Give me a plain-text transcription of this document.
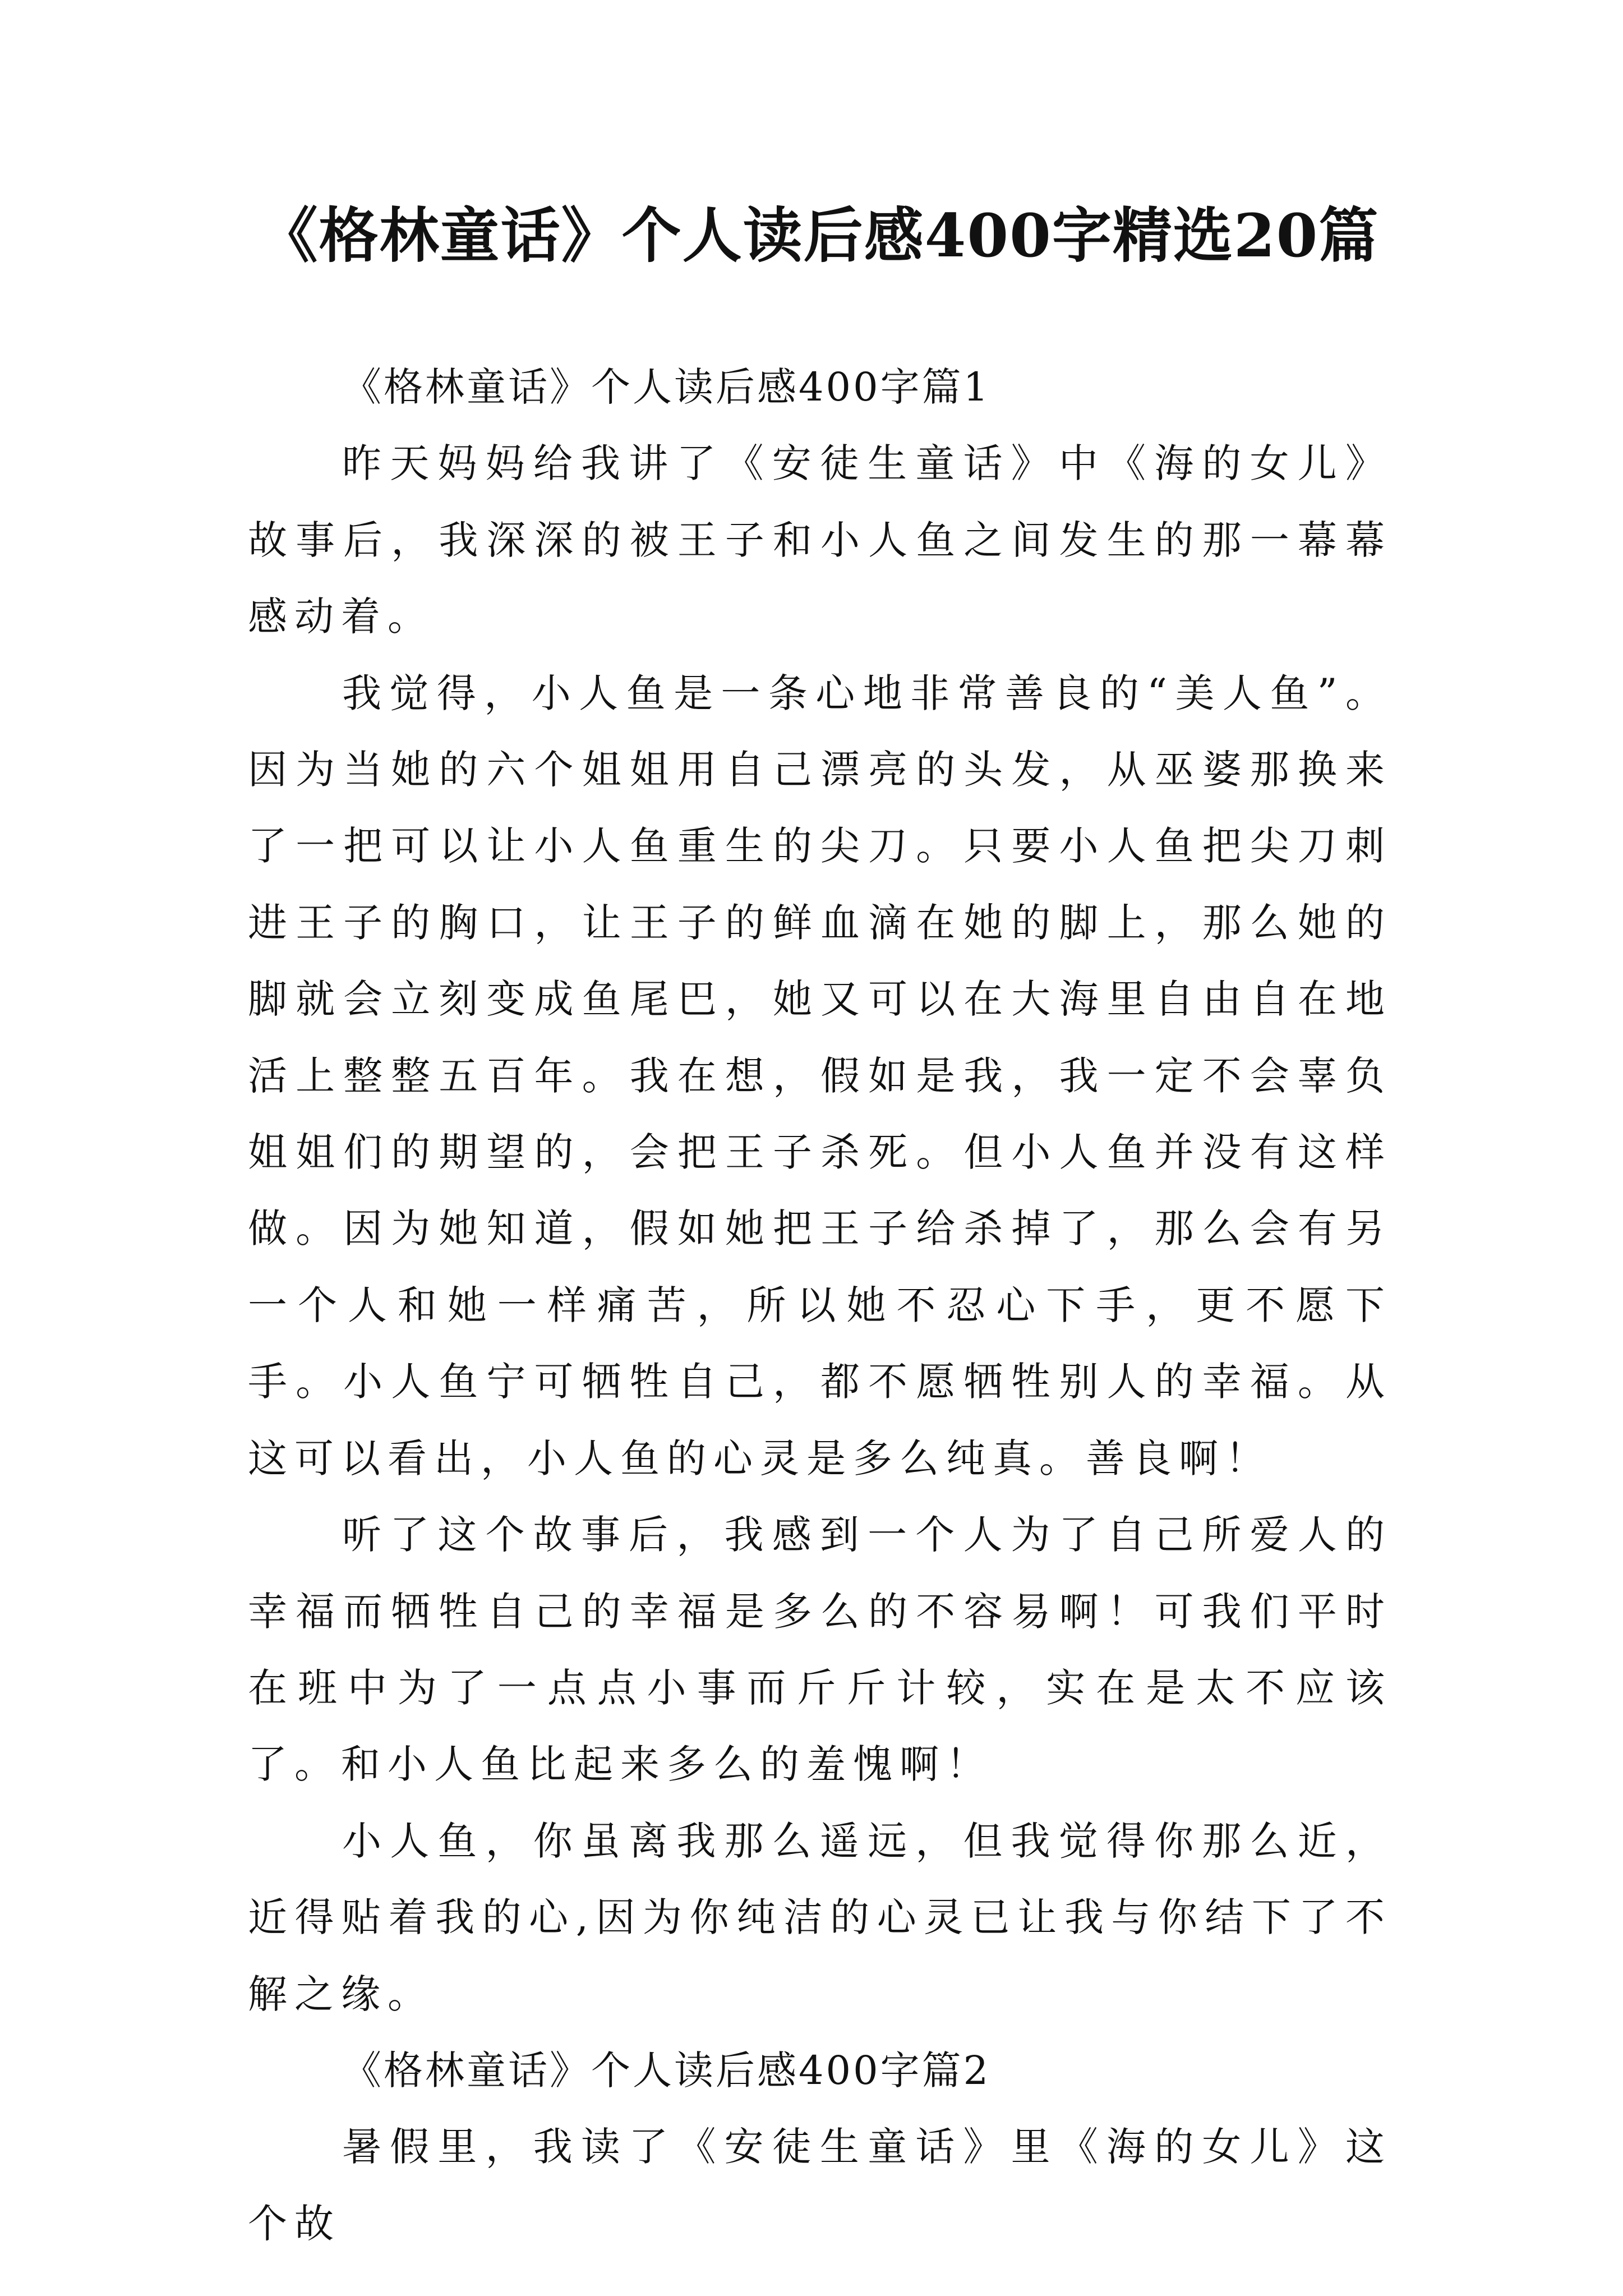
《格林童话》个人读后感400字精选20篇

《格林童话》个人读后感400字篇1

昨天妈妈给我讲了《安徒生童话》中《海的女儿》故事后，我深深的被王子和小人鱼之间发生的那一幕幕感动着。

我觉得，小人鱼是一条心地非常善良的“美人鱼”。因为当她的六个姐姐用自己漂亮的头发，从巫婆那换来了一把可以让小人鱼重生的尖刀。只要小人鱼把尖刀刺进王子的胸口，让王子的鲜血滴在她的脚上，那么她的脚就会立刻变成鱼尾巴，她又可以在大海里自由自在地活上整整五百年。我在想，假如是我，我一定不会辜负姐姐们的期望的，会把王子杀死。但小人鱼并没有这样做。因为她知道，假如她把王子给杀掉了，那么会有另一个人和她一样痛苦，所以她不忍心下手，更不愿下手。小人鱼宁可牺牲自己，都不愿牺牲别人的幸福。从这可以看出，小人鱼的心灵是多么纯真。善良啊！

听了这个故事后，我感到一个人为了自己所爱人的幸福而牺牲自己的幸福是多么的不容易啊！可我们平时在班中为了一点点小事而斤斤计较，实在是太不应该了。和小人鱼比起来多么的羞愧啊！

小人鱼，你虽离我那么遥远，但我觉得你那么近，近得贴着我的心,因为你纯洁的心灵已让我与你结下了不解之缘。

《格林童话》个人读后感400字篇2

暑假里，我读了《安徒生童话》里《海的女儿》这个故
